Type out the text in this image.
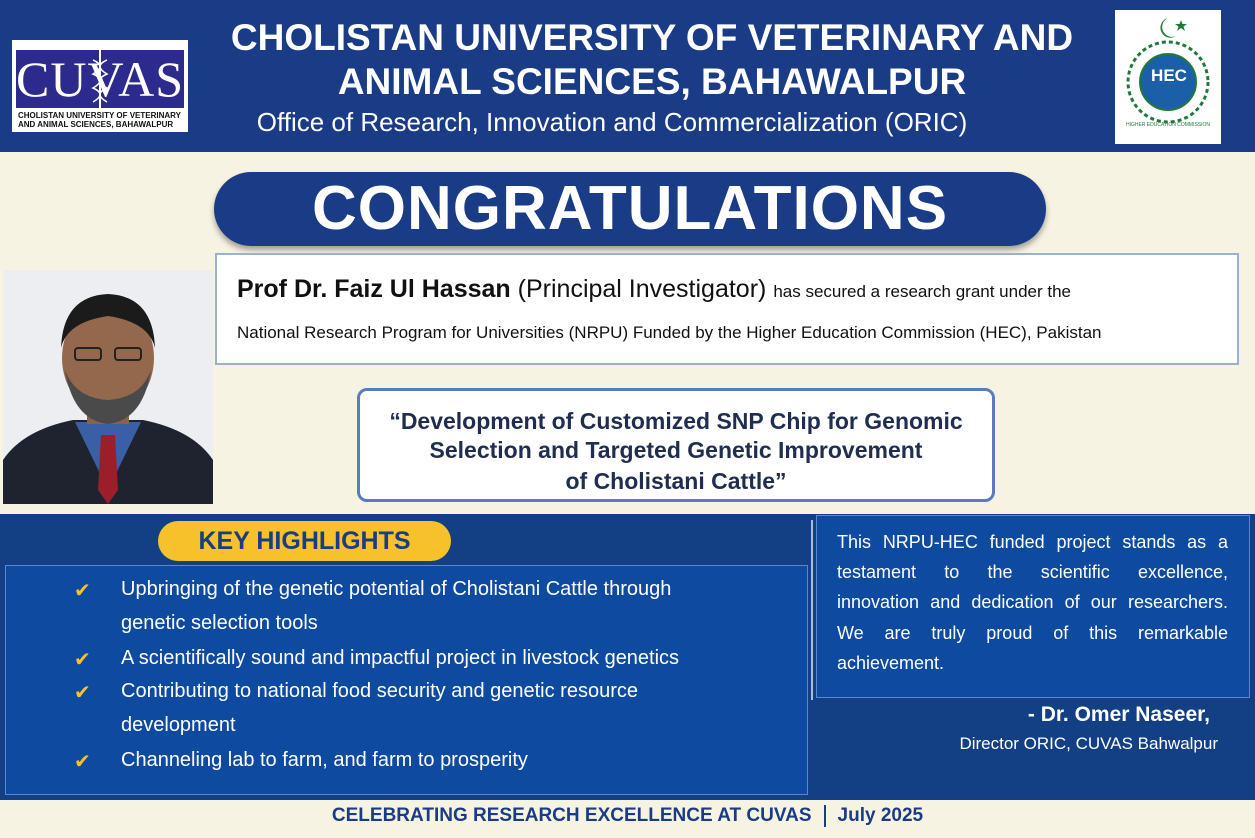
CUVAS
CHOLISTAN UNIVERSITY OF VETERINARY
AND ANIMAL SCIENCES, BAHAWALPUR
CHOLISTAN UNIVERSITY OF VETERINARY AND
ANIMAL SCIENCES, BAHAWALPUR
Office of Research, Innovation and Commercialization (ORIC)	HIGHER EDUCATION COMMISSION
HEC
CONGRATULATIONS
Prof Dr. Faiz Ul Hassan (Principal Investigator) has secured a research grant under the
National Research Program for Universities (NRPU) Funded by the Higher Education Commission (HEC), Pakistan
“Development of Customized SNP Chip for Genomic
Selection and Targeted Genetic Improvement
of Cholistani Cattle”
KEY HIGHLIGHTS
✔ Upbringing of the genetic potential of Cholistani Cattle through
genetic selection tools
✔ A scientifically sound and impactful project in livestock genetics
✔ Contributing to national food security and genetic resource
development
✔ Channeling lab to farm, and farm to prosperity
This NRPU-HEC funded project stands as a
testament to the scientific excellence,
innovation and dedication of our researchers.
We are truly proud of this remarkable
achievement.
- Dr. Omer Naseer,
Director ORIC, CUVAS Bahwalpur
CELEBRATING RESEARCH EXCELLENCE AT CUVAS July 2025
